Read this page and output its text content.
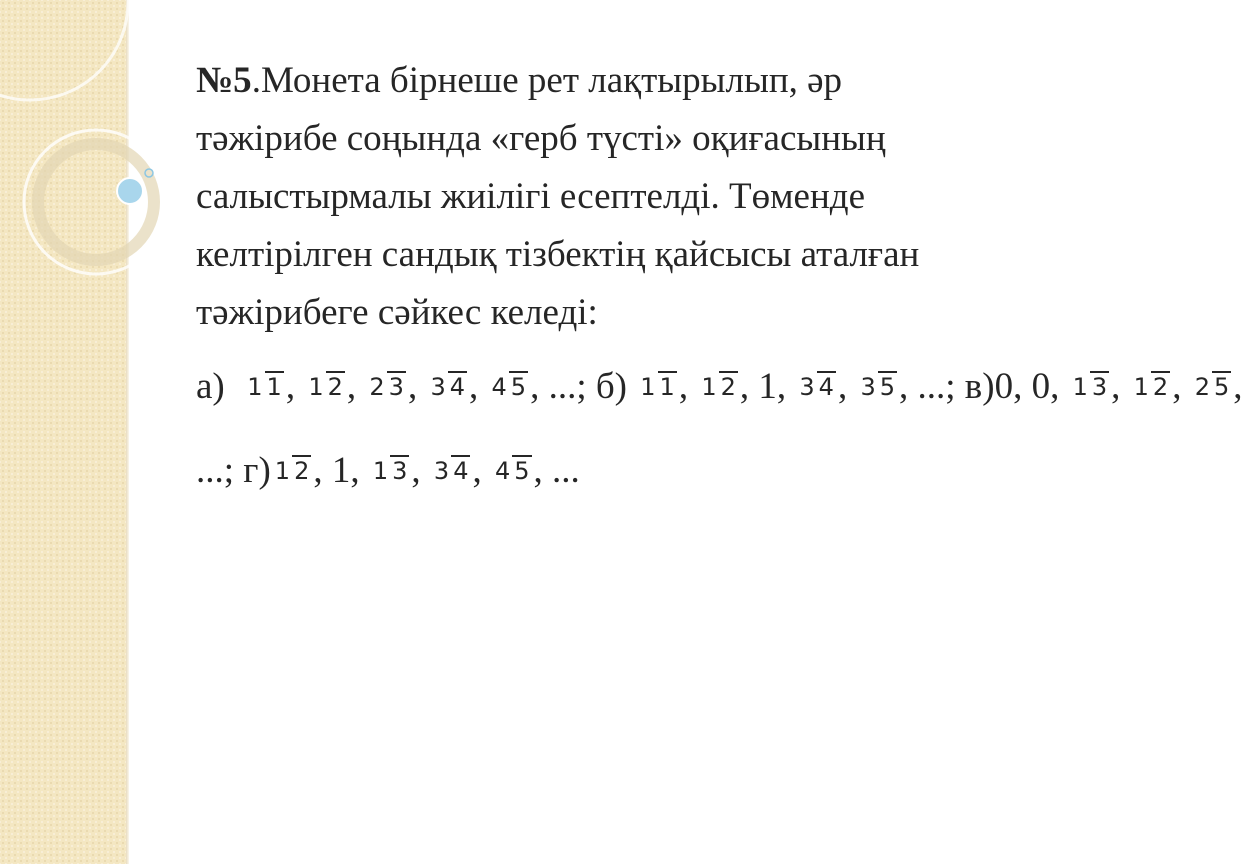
№5.Монета бірнеше рет лақтырылып, әр

тәжірибе соңында «герб түсті» оқиғасының

салыстырмалы жиілігі есептелді. Төменде

келтірілген сандық тізбектің қайсысы аталған

тәжірибеге сәйкес келеді:

а)  1 1 , 1 2 , 2 3 , 3 4 , 4 5 , ...; б) 1 1 , 1 2 , 1, 3 4 , 3 5 , ...; в)0, 0, 1 3 , 1 2 , 2 5 ,
...; г) 1 2 , 1, 1 3 , 3 4 , 4 5 , ...
